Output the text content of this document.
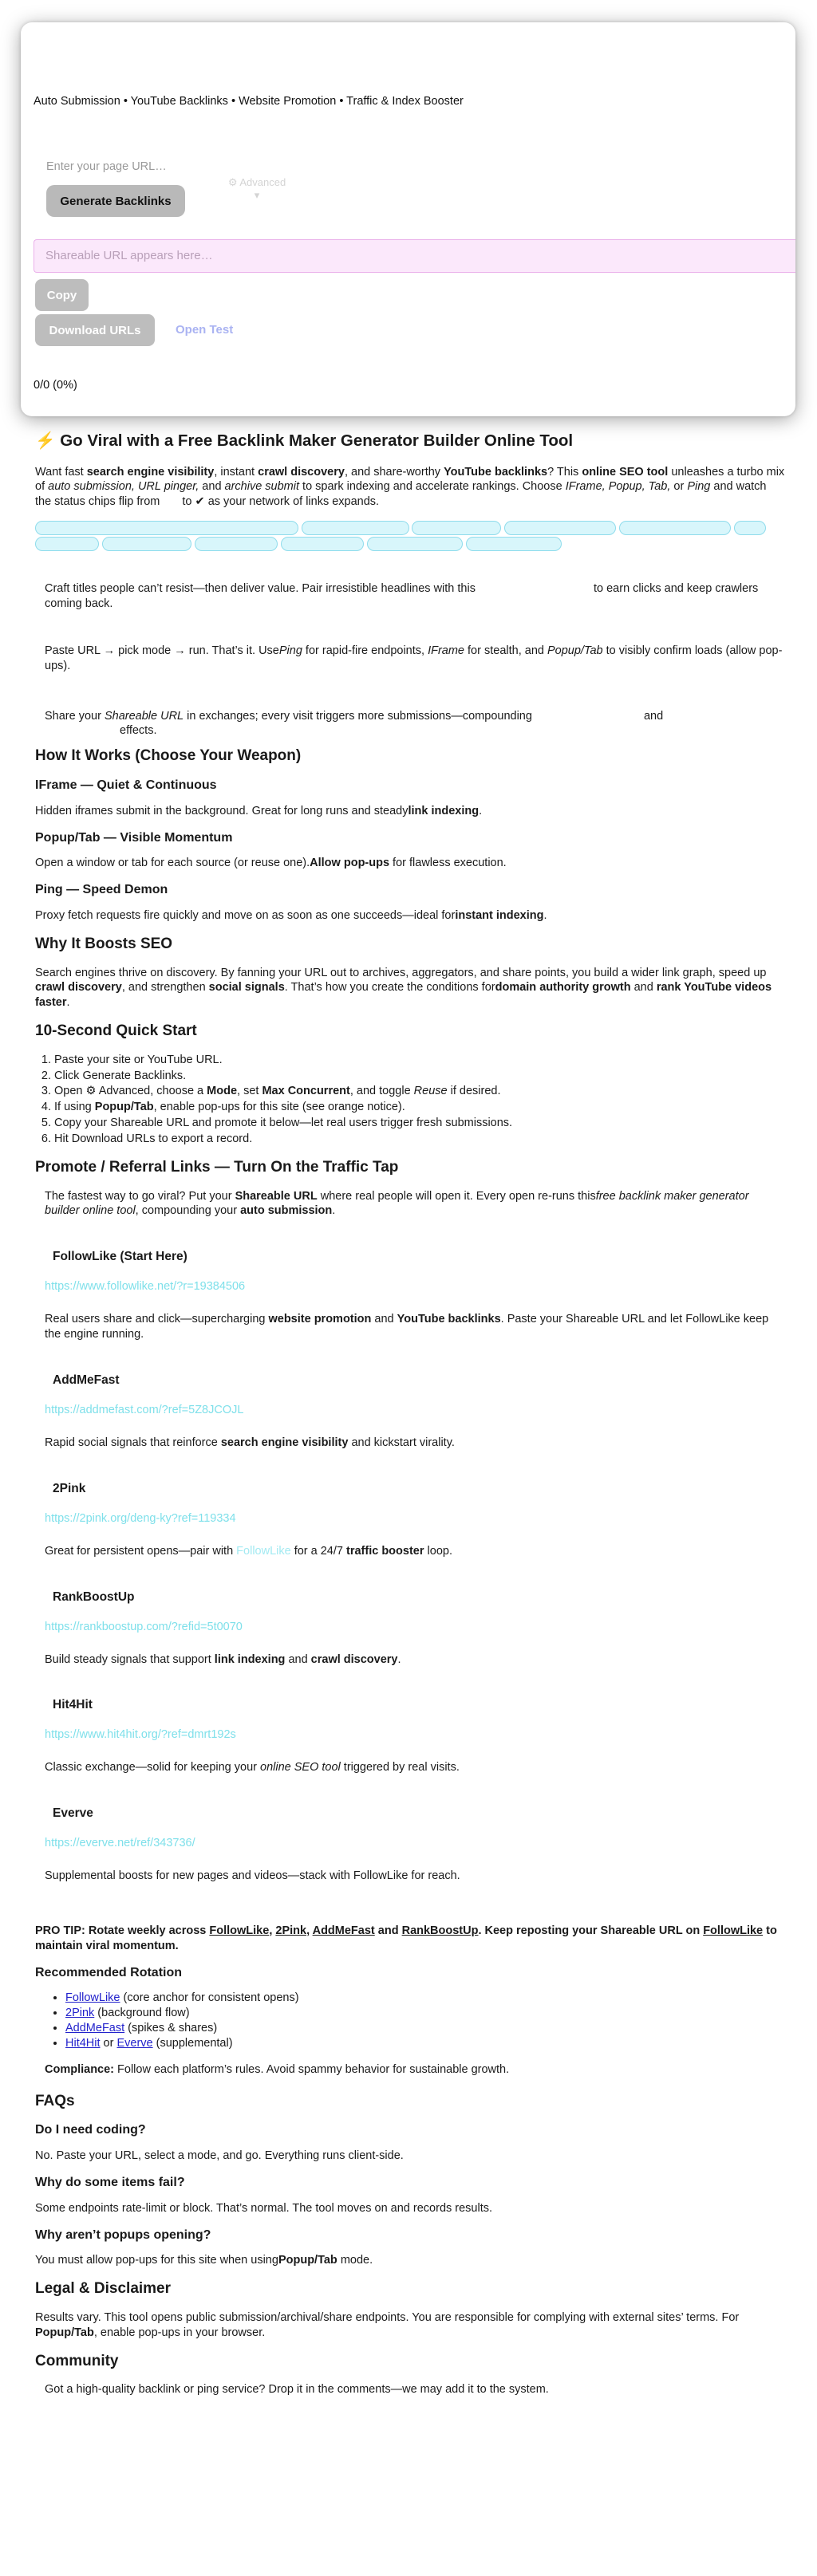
Auto Submission • YouTube Backlinks • Website Promotion • Traffic & Index Booster
Enter your page URL…
Generate Backlinks
⚙ Advanced
▾
Shareable URL appears here…
Copy
Download URLs	Open Test
0/0 (0%)
⚡ Go Viral with a Free Backlink Maker Generator Builder Online Tool

Want fast search engine visibility, instant crawl discovery, and share-worthy YouTube backlinks? This online SEO tool unleashes a turbo mix of auto submission, URL pinger, and archive submit to spark indexing and accelerate rankings. Choose IFrame, Popup, Tab, or Ping and watch the status chips flip from  to ✔ as your network of links expands.

Craft titles people can’t resist—then deliver value. Pair irresistible headlines with this	to earn clicks and keep crawlers coming back.

Paste URL → pick mode → run. That’s it. UsePing for rapid-fire endpoints, IFrame for stealth, and Popup/Tab to visibly confirm loads (allow pop-ups).

Share your Shareable URL in exchanges; every visit triggers more submissions—compounding	and
effects.

How It Works (Choose Your Weapon)
IFrame — Quiet & Continuous

Hidden iframes submit in the background. Great for long runs and steadylink indexing.

Popup/Tab — Visible Momentum

Open a window or tab for each source (or reuse one).Allow pop-ups for flawless execution.

Ping — Speed Demon

Proxy fetch requests fire quickly and move on as soon as one succeeds—ideal forinstant indexing.

Why It Boosts SEO

Search engines thrive on discovery. By fanning your URL out to archives, aggregators, and share points, you build a wider link graph, speed up crawl discovery, and strengthen social signals. That’s how you create the conditions fordomain authority growth and rank YouTube videos faster.

10-Second Quick Start
1. Paste your site or YouTube URL.
2. Click Generate Backlinks.
3. Open ⚙ Advanced, choose a Mode, set Max Concurrent, and toggle Reuse if desired.
4. If using Popup/Tab, enable pop-ups for this site (see orange notice).
5. Copy your Shareable URL and promote it below—let real users trigger fresh submissions.
6. Hit Download URLs to export a record.
Promote / Referral Links — Turn On the Traffic Tap

The fastest way to go viral? Put your Shareable URL where real people will open it. Every open re-runs thisfree backlink maker generator builder online tool, compounding your auto submission.

FollowLike (Start Here)
https://www.followlike.net/?r=19384506

Real users share and click—supercharging website promotion and YouTube backlinks. Paste your Shareable URL and let FollowLike keep the engine running.

AddMeFast
https://addmefast.com/?ref=5Z8JCOJL

Rapid social signals that reinforce search engine visibility and kickstart virality.

2Pink
https://2pink.org/deng-ky?ref=119334

Great for persistent opens—pair with FollowLike for a 24/7 traffic booster loop.

RankBoostUp
https://rankboostup.com/?refid=5t0070

Build steady signals that support link indexing and crawl discovery.

Hit4Hit
https://www.hit4hit.org/?ref=dmrt192s

Classic exchange—solid for keeping your online SEO tool triggered by real visits.

Everve
https://everve.net/ref/343736/

Supplemental boosts for new pages and videos—stack with FollowLike for reach.

PRO TIP: Rotate weekly across FollowLike, 2Pink, AddMeFast and RankBoostUp. Keep reposting your Shareable URL on FollowLike to maintain viral momentum.

Recommended Rotation
• FollowLike (core anchor for consistent opens)
• 2Pink (background flow)
• AddMeFast (spikes & shares)
• Hit4Hit or Everve (supplemental)

Compliance: Follow each platform’s rules. Avoid spammy behavior for sustainable growth.

FAQs
Do I need coding?

No. Paste your URL, select a mode, and go. Everything runs client-side.

Why do some items fail?

Some endpoints rate-limit or block. That’s normal. The tool moves on and records results.

Why aren’t popups opening?

You must allow pop-ups for this site when usingPopup/Tab mode.

Legal & Disclaimer

Results vary. This tool opens public submission/archival/share endpoints. You are responsible for complying with external sites’ terms. For Popup/Tab, enable pop-ups in your browser.

Community

Got a high-quality backlink or ping service? Drop it in the comments—we may add it to the system.
